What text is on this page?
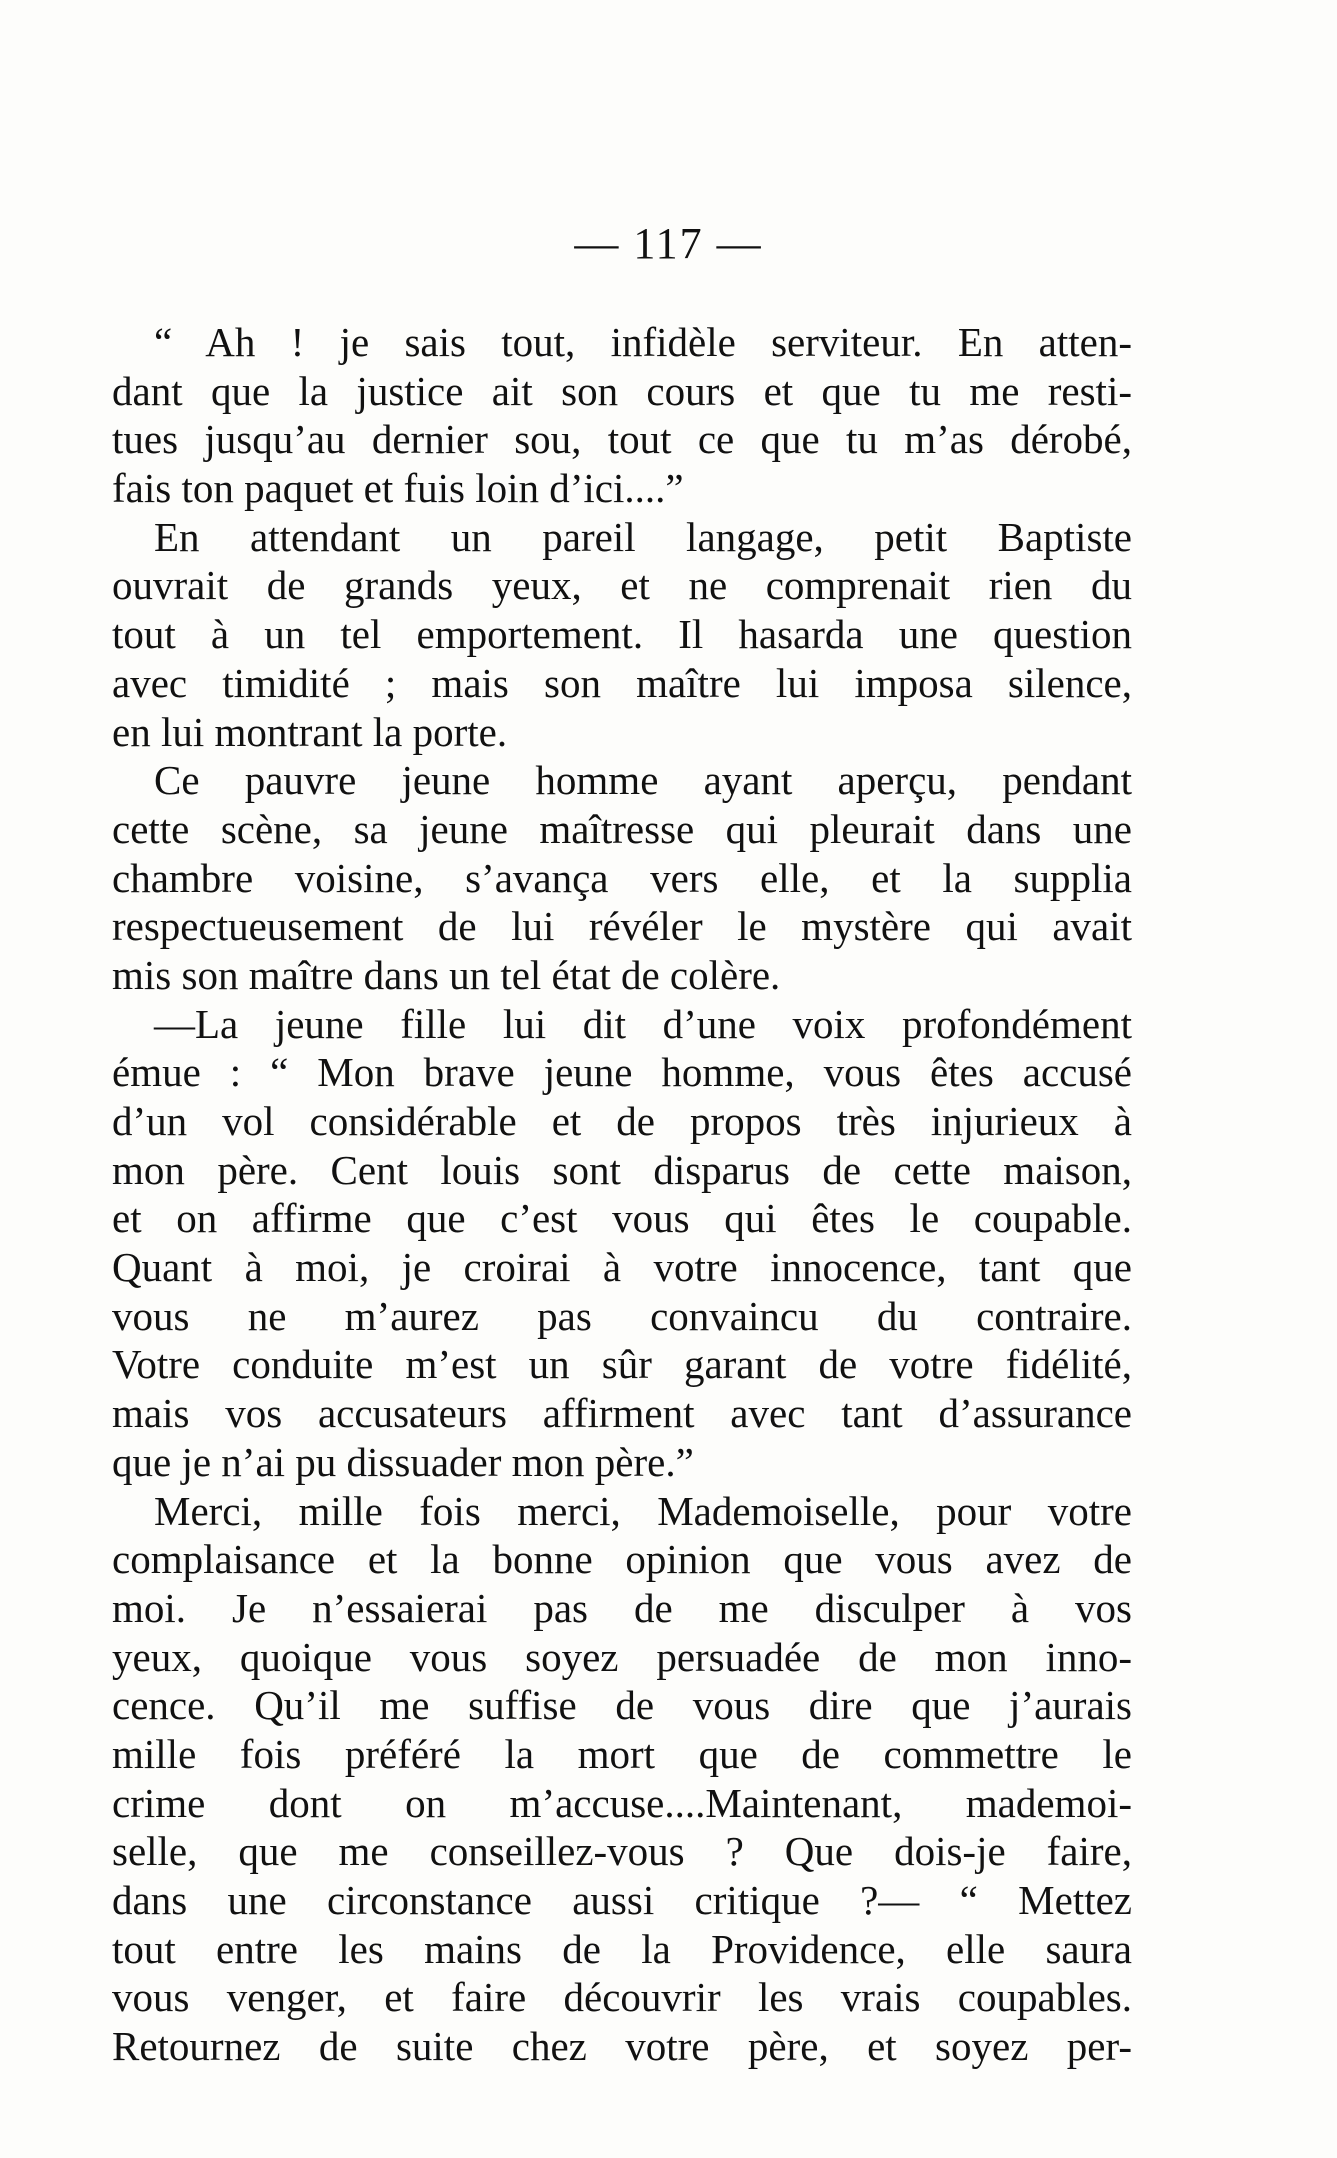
— 117 —
“ Ah ! je sais tout, infidèle serviteur. En atten-
dant que la justice ait son cours et que tu me resti-
tues jusqu’au dernier sou, tout ce que tu m’as dérobé,
fais ton paquet et fuis loin d’ici....”
En attendant un pareil langage, petit Baptiste
ouvrait de grands yeux, et ne comprenait rien du
tout à un tel emportement. Il hasarda une question
avec timidité ; mais son maître lui imposa silence,
en lui montrant la porte.
Ce pauvre jeune homme ayant aperçu, pendant
cette scène, sa jeune maîtresse qui pleurait dans une
chambre voisine, s’avança vers elle, et la supplia
respectueusement de lui révéler le mystère qui avait
mis son maître dans un tel état de colère.
—La jeune fille lui dit d’une voix profondément
émue : “ Mon brave jeune homme, vous êtes accusé
d’un vol considérable et de propos très injurieux à
mon père. Cent louis sont disparus de cette maison,
et on affirme que c’est vous qui êtes le coupable.
Quant à moi, je croirai à votre innocence, tant que
vous ne m’aurez pas convaincu du contraire.
Votre conduite m’est un sûr garant de votre fidélité,
mais vos accusateurs affirment avec tant d’assurance
que je n’ai pu dissuader mon père.”
Merci, mille fois merci, Mademoiselle, pour votre
complaisance et la bonne opinion que vous avez de
moi. Je n’essaierai pas de me disculper à vos
yeux, quoique vous soyez persuadée de mon inno-
cence. Qu’il me suffise de vous dire que j’aurais
mille fois préféré la mort que de commettre le
crime dont on m’accuse....Maintenant, mademoi-
selle, que me conseillez-vous ? Que dois-je faire,
dans une circonstance aussi critique ?— “ Mettez
tout entre les mains de la Providence, elle saura
vous venger, et faire découvrir les vrais coupables.
Retournez de suite chez votre père, et soyez per-
